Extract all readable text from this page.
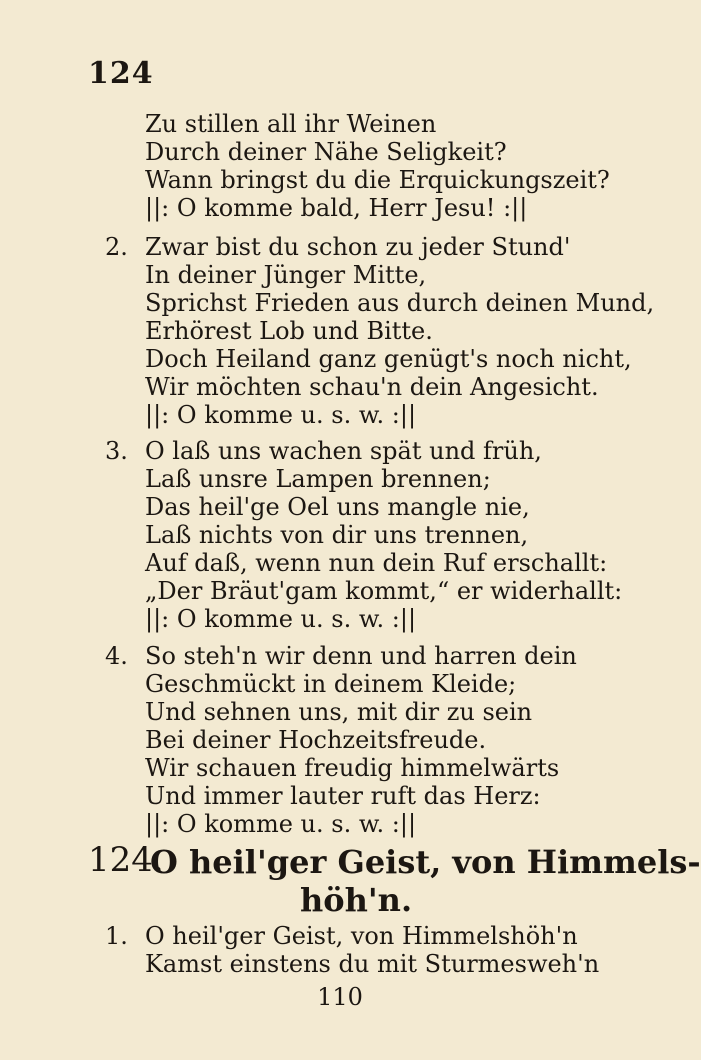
124
Zu stillen all ihr Weinen
Durch deiner Nähe Seligkeit?
Wann bringst du die Erquickungszeit?
||: O komme bald, Herr Jesu! :||
2. Zwar bist du schon zu jeder Stund'
In deiner Jünger Mitte,
Sprichst Frieden aus durch deinen Mund,
Erhörest Lob und Bitte.
Doch Heiland ganz genügt's noch nicht,
Wir möchten schau'n dein Angesicht.
||: O komme u. s. w. :||
3. O laß uns wachen spät und früh,
Laß unsre Lampen brennen;
Das heil'ge Oel uns mangle nie,
Laß nichts von dir uns trennen,
Auf daß, wenn nun dein Ruf erschallt:
„Der Bräut'gam kommt,“ er widerhallt:
||: O komme u. s. w. :||
4. So steh'n wir denn und harren dein
Geschmückt in deinem Kleide;
Und sehnen uns, mit dir zu sein
Bei deiner Hochzeitsfreude.
Wir schauen freudig himmelwärts
Und immer lauter ruft das Herz:
||: O komme u. s. w. :||
124.
O heil'ger Geist, von Himmels-
höh'n.
1. O heil'ger Geist, von Himmelshöh'n
Kamst einstens du mit Sturmesweh'n
110
